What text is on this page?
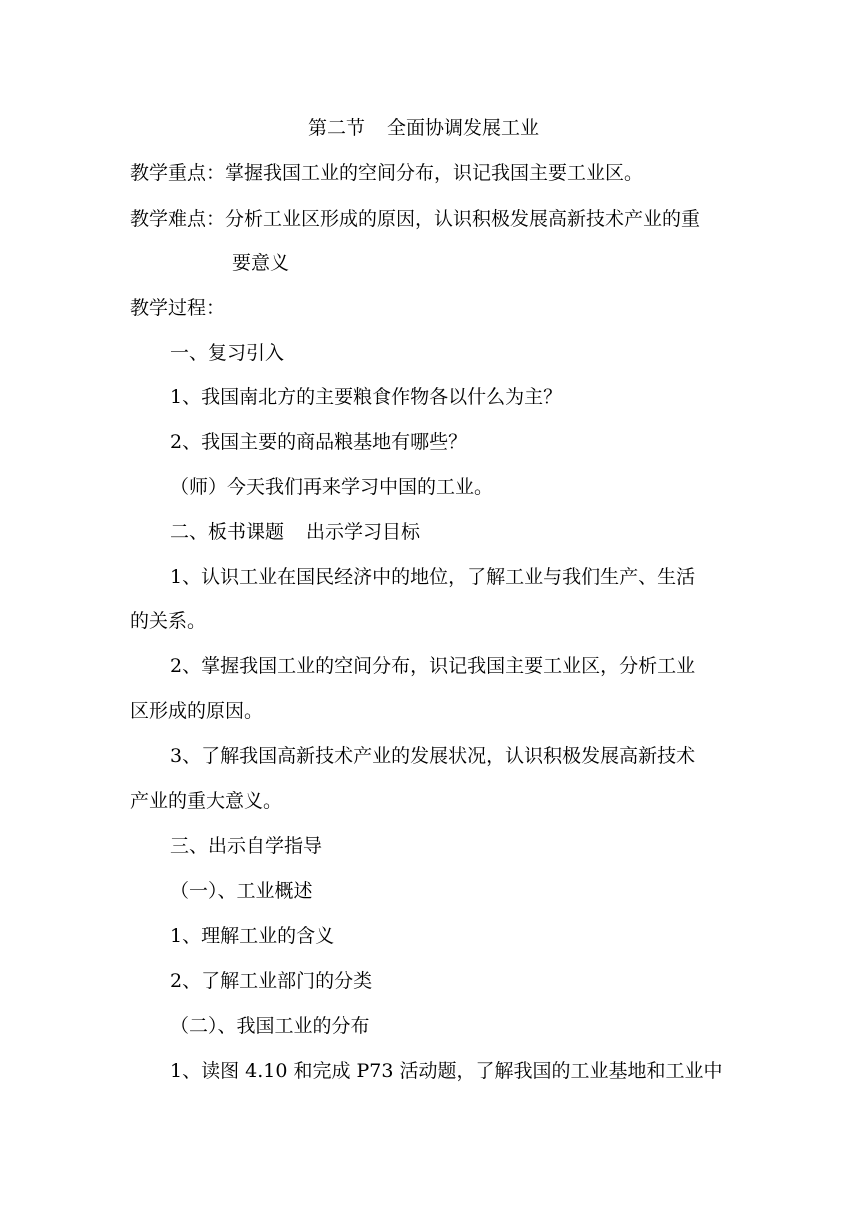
第二节 全面协调发展工业
教学重点：掌握我国工业的空间分布，识记我国主要工业区。
教学难点：分析工业区形成的原因，认识积极发展高新技术产业的重
要意义
教学过程：
一、复习引入
1、我国南北方的主要粮食作物各以什么为主？
2、我国主要的商品粮基地有哪些？
（师）今天我们再来学习中国的工业。
二、板书课题 出示学习目标
1、认识工业在国民经济中的地位，了解工业与我们生产、生活
的关系。
2、掌握我国工业的空间分布，识记我国主要工业区，分析工业
区形成的原因。
3、了解我国高新技术产业的发展状况，认识积极发展高新技术
产业的重大意义。
三、出示自学指导
（一）、工业概述
1、理解工业的含义
2、了解工业部门的分类
（二）、我国工业的分布
1、读图 4.10 和完成 P73 活动题，了解我国的工业基地和工业中
